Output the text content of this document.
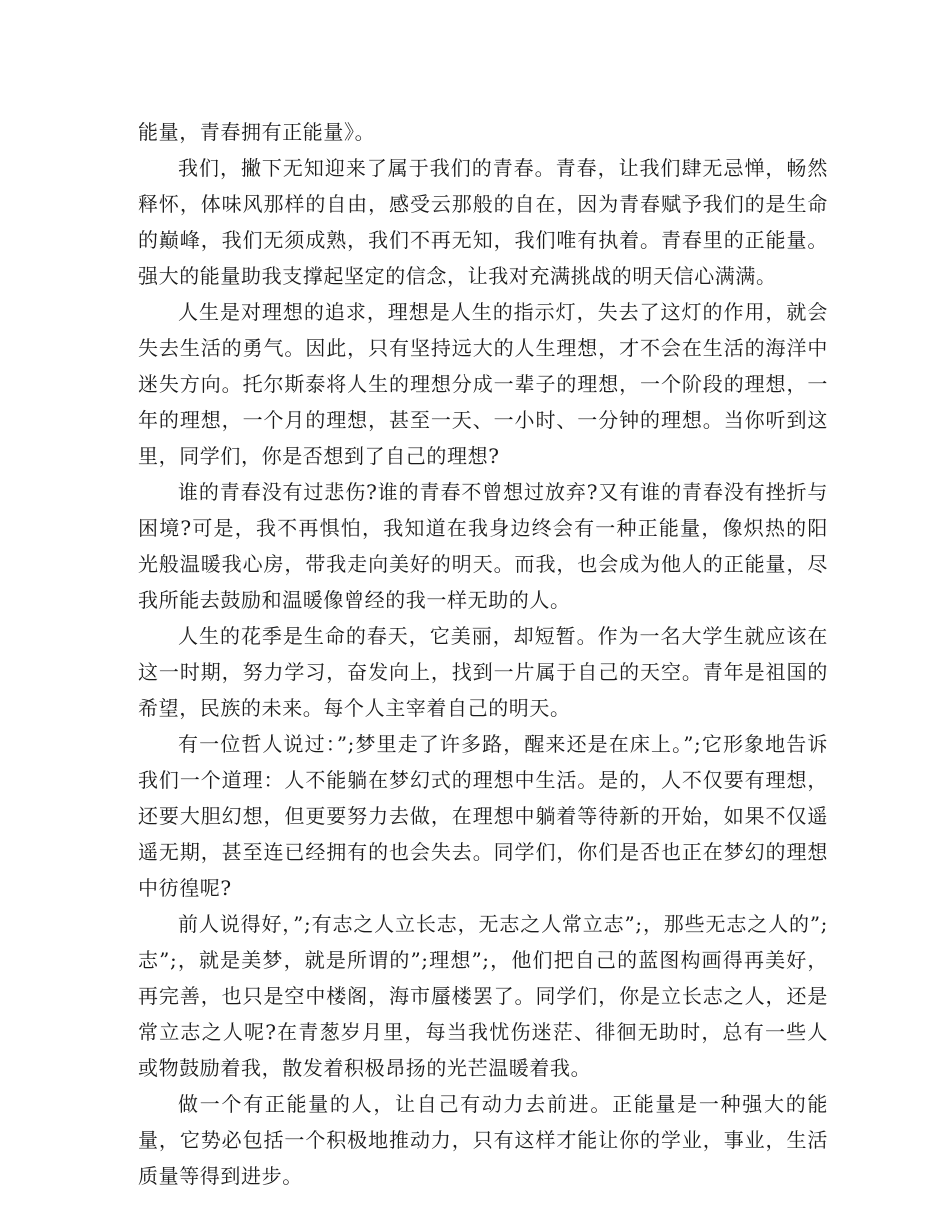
能量，青春拥有正能量》。

我们，撇下无知迎来了属于我们的青春。青春，让我们肆无忌惮，畅然释怀，体味风那样的自由，感受云那般的自在，因为青春赋予我们的是生命的巅峰，我们无须成熟，我们不再无知，我们唯有执着。青春里的正能量。强大的能量助我支撑起坚定的信念，让我对充满挑战的明天信心满满。

人生是对理想的追求，理想是人生的指示灯，失去了这灯的作用，就会失去生活的勇气。因此，只有坚持远大的人生理想，才不会在生活的海洋中迷失方向。托尔斯泰将人生的理想分成一辈子的理想，一个阶段的理想，一年的理想，一个月的理想，甚至一天、一小时、一分钟的理想。当你听到这里，同学们，你是否想到了自己的理想?

谁的青春没有过悲伤?谁的青春不曾想过放弃?又有谁的青春没有挫折与困境?可是，我不再惧怕，我知道在我身边终会有一种正能量，像炽热的阳光般温暖我心房，带我走向美好的明天。而我，也会成为他人的正能量，尽我所能去鼓励和温暖像曾经的我一样无助的人。

人生的花季是生命的春天，它美丽，却短暂。作为一名大学生就应该在这一时期，努力学习，奋发向上，找到一片属于自己的天空。青年是祖国的希望，民族的未来。每个人主宰着自己的明天。

有一位哲人说过：”;梦里走了许多路，醒来还是在床上。”;它形象地告诉我们一个道理：人不能躺在梦幻式的理想中生活。是的，人不仅要有理想，还要大胆幻想，但更要努力去做，在理想中躺着等待新的开始，如果不仅遥遥无期，甚至连已经拥有的也会失去。同学们，你们是否也正在梦幻的理想中彷徨呢?

前人说得好，”;有志之人立长志，无志之人常立志”;，那些无志之人的”;志”;，就是美梦，就是所谓的”;理想”;，他们把自己的蓝图构画得再美好，再完善，也只是空中楼阁，海市蜃楼罢了。同学们，你是立长志之人，还是常立志之人呢?在青葱岁月里，每当我忧伤迷茫、徘徊无助时，总有一些人或物鼓励着我，散发着积极昂扬的光芒温暖着我。

做一个有正能量的人，让自己有动力去前进。正能量是一种强大的能量，它势必包括一个积极地推动力，只有这样才能让你的学业，事业，生活质量等得到进步。
